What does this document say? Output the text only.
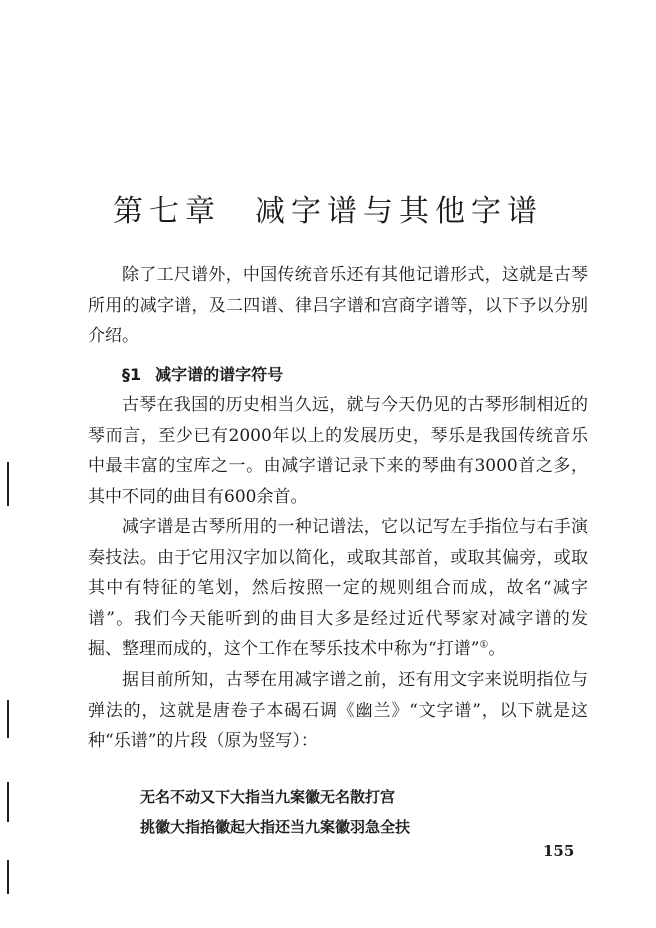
第七章 减字谱与其他字谱

除了工尺谱外，中国传统音乐还有其他记谱形式，这就是古琴所用的减字谱，及二四谱、律吕字谱和宫商字谱等，以下予以分别介绍。

§1 减字谱的谱字符号

古琴在我国的历史相当久远，就与今天仍见的古琴形制相近的琴而言，至少已有2000年以上的发展历史，琴乐是我国传统音乐中最丰富的宝库之一。由减字谱记录下来的琴曲有3000首之多，其中不同的曲目有600余首。

减字谱是古琴所用的一种记谱法，它以记写左手指位与右手演奏技法。由于它用汉字加以简化，或取其部首，或取其偏旁，或取其中有特征的笔划，然后按照一定的规则组合而成，故名“减字谱”。我们今天能听到的曲目大多是经过近代琴家对减字谱的发掘、整理而成的，这个工作在琴乐技术中称为“打谱”①。

据目前所知，古琴在用减字谱之前，还有用文字来说明指位与弹法的，这就是唐卷子本碣石调《幽兰》“文字谱”，以下就是这种“乐谱”的片段（原为竖写）：

无名不动又下大指当九案徽无名散打宫
挑徽大指掐徽起大指还当九案徽羽急全扶
155
